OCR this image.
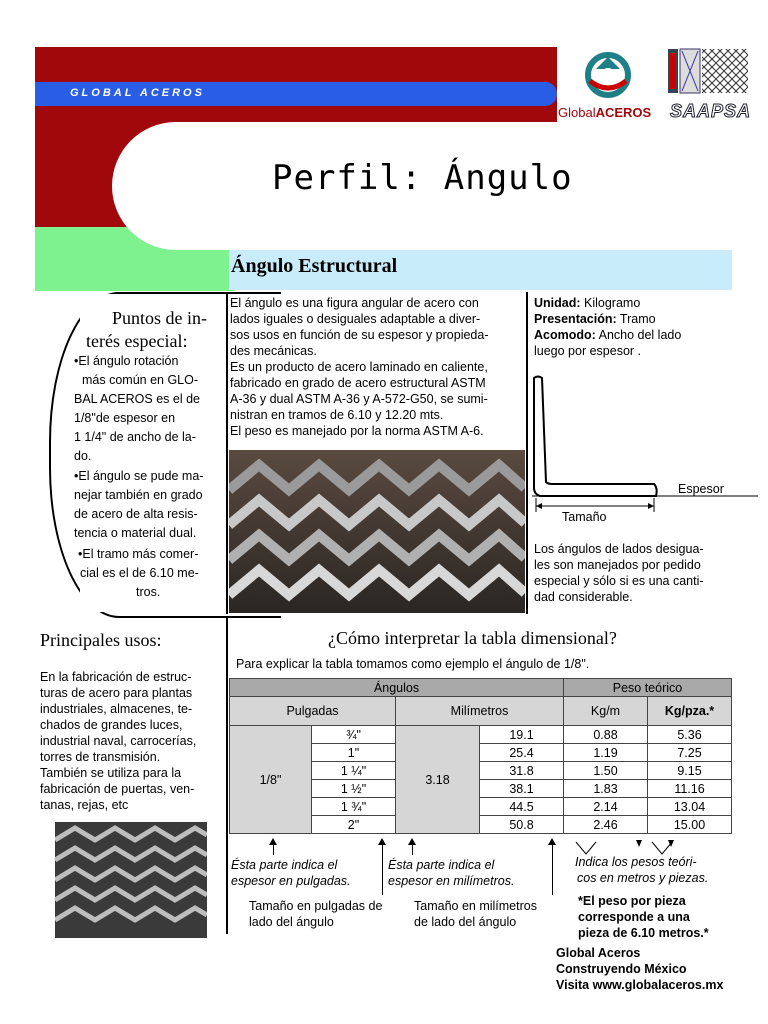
GLOBAL ACEROS
Perfil: Ángulo
GlobalACEROS SAAPSA
Ángulo Estructural
Puntos de in-
terés especial:
•El ángulo rotación
más común en GLO-
BAL ACEROS es el de
1/8"de espesor en
1 1/4" de ancho de la-
do.
•El ángulo se pude ma-
nejar también en grado
de acero de alta resis-
tencia o material dual.
•El tramo más comer-
cial es el de 6.10 me-
tros.
El ángulo es una figura angular de acero con
lados iguales o desiguales adaptable a diver-
sos usos en función de su espesor y propieda-
des mecánicas.
Es un producto de acero laminado en caliente,
fabricado en grado de acero estructural ASTM
A-36 y dual ASTM A-36 y A-572-G50, se sumi-
nistran en tramos de 6.10 y 12.20 mts.
El peso es manejado por la norma ASTM A-6.
Unidad: Kilogramo
Presentación: Tramo
Acomodo: Ancho del lado
luego por espesor .
Espesor
Tamaño
Los ángulos de lados desigua-
les son manejados por pedido
especial y sólo si es una canti-
dad considerable.
Principales usos:
En la fabricación de estruc-
turas de acero para plantas
industriales, almacenes, te-
chados de grandes luces,
industrial naval, carrocerías,
torres de transmisión.
También se utiliza para la
fabricación de puertas, ven-
tanas, rejas, etc
¿Cómo interpretar la tabla dimensional?
Para explicar la tabla tomamos como ejemplo el ángulo de 1/8".
Ángulos				Peso teórico	
Pulgadas		Milímetros		Kg/m	Kg/pza.*
1/8"	¾"	3.18	19.1	0.88	5.36
	1"		25.4	1.19	7.25
	1 ¼"		31.8	1.50	9.15
	1 ½"		38.1	1.83	11.16
	1 ¾"		44.5	2.14	13.04
	2"		50.8	2.46	15.00
Ésta parte indica el
espesor en pulgadas.
Ésta parte indica el
espesor en milímetros.
Indica los pesos teóri-
cos en metros y piezas.
Tamaño en pulgadas de
lado del ángulo
Tamaño en milímetros
de lado del ángulo
*El peso por pieza
corresponde a una
pieza de 6.10 metros.*
Global Aceros
Construyendo México
Visita www.globalaceros.mx
